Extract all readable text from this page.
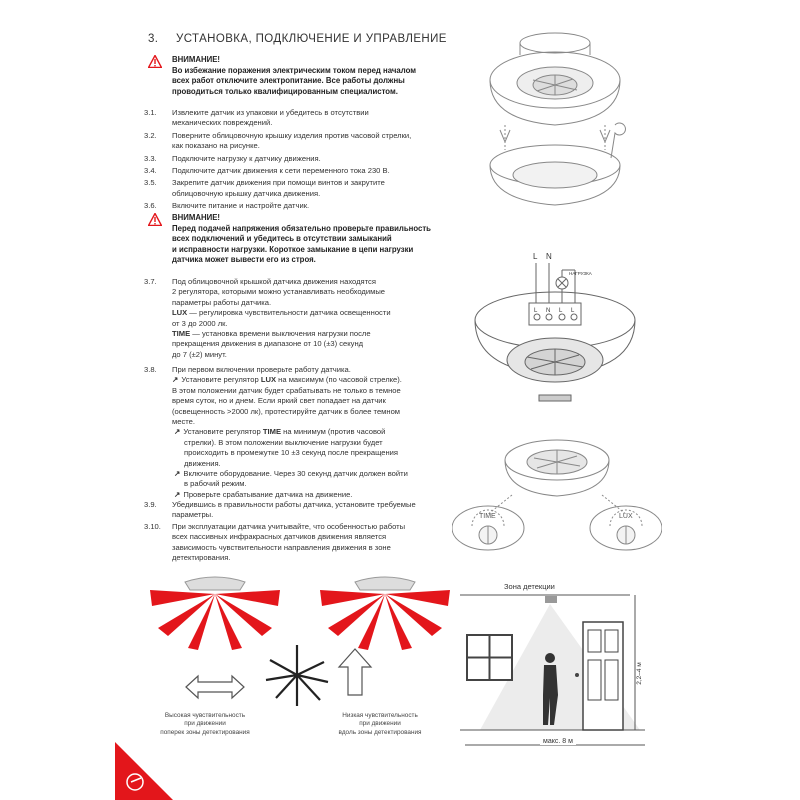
3. УСТАНОВКА, ПОДКЛЮЧЕНИЕ И УПРАВЛЕНИЕ
ВНИМАНИЕ!
Во избежание поражения электрическим током перед началом
всех работ отключите электропитание. Все работы должны
проводиться только квалифицированным специалистом.
3.1. Извлеките датчик из упаковки и убедитесь в отсутствии
механических повреждений.
3.2. Поверните облицовочную крышку изделия против часовой стрелки,
как показано на рисунке.
3.3. Подключите нагрузку к датчику движения.
3.4. Подключите датчик движения к сети переменного тока 230 В.
3.5. Закрепите датчик движения при помощи винтов и закрутите
облицовочную крышку датчика движения.
3.6. Включите питание и настройте датчик.
ВНИМАНИЕ!
Перед подачей напряжения обязательно проверьте правильность
всех подключений и убедитесь в отсутствии замыканий
и исправности нагрузки. Короткое замыкание в цепи нагрузки
датчика может вывести его из строя.
3.7. Под облицовочной крышкой датчика движения находятся
2 регулятора, которыми можно устанавливать необходимые
параметры работы датчика.
LUX — регулировка чувствительности датчика освещенности
от 3 до 2000 лк.
TIME — установка времени выключения нагрузки после
прекращения движения в диапазоне от 10 (±3) секунд
до 7 (±2) минут.
3.8. При первом включении проверьте работу датчика.
↗ Установите регулятор LUX на максимум (по часовой стрелке).
В этом положении датчик будет срабатывать не только в темное
время суток, но и днем. Если яркий свет попадает на датчик
(освещенность >2000 лк), протестируйте датчик в более темном
месте.
↗ Установите регулятор TIME на минимум (против часовой
стрелки). В этом положении выключение нагрузки будет
происходить в промежутке 10 ±3 секунд после прекращения
движения.
↗ Включите оборудование. Через 30 секунд датчик должен войти
в рабочий режим.
↗ Проверьте срабатывание датчика на движение.
3.9. Убедившись в правильности работы датчика, установите требуемые
параметры.
3.10. При эксплуатации датчика учитывайте, что особенностью работы
всех пассивных инфракрасных датчиков движения является
зависимость чувствительности направления движения в зоне
детектирования.
L N
НАГРУЗКА
L N L L
TIME	LUX
Высокая чувствительность
при движении
поперек зоны детектирования
Низкая чувствительность
при движении
вдоль зоны детектирования
Зона детекции
2,2–4 м
макс. 8 м
